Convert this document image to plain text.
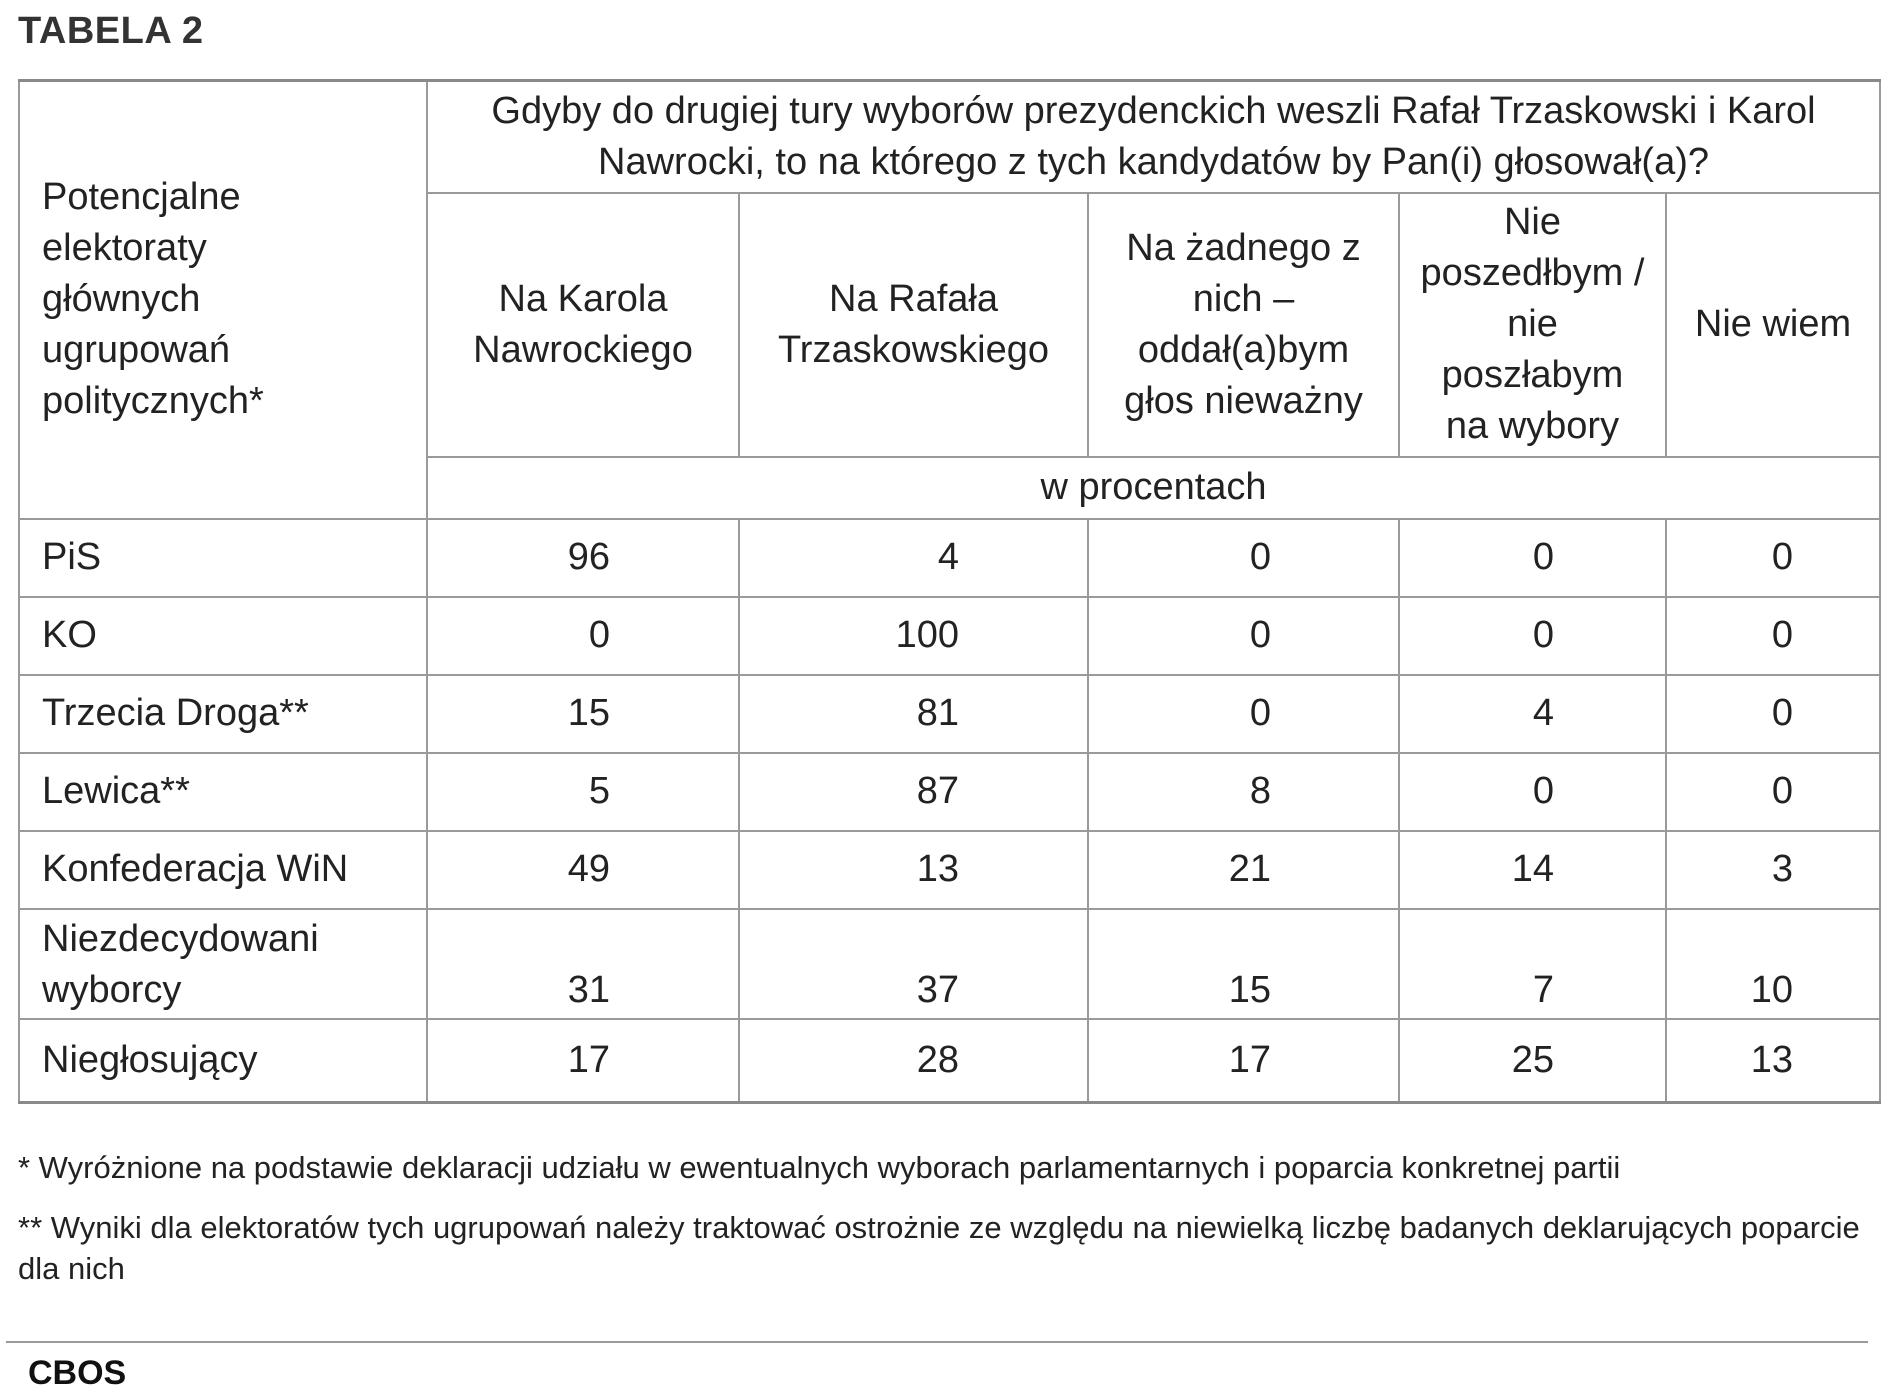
TABELA 2
Potencjalne elektoraty głównych ugrupowań politycznych*	Gdyby do drugiej tury wyborów prezydenckich weszli Rafał Trzaskowski i Karol Nawrocki, to na którego z tych kandydatów by Pan(i) głosował(a)?				

	Na Karola Nawrockiego	Na Rafała Trzaskowskiego	Na żadnego z nich – oddał(a)bym głos nieważny	Nie poszedłbym / nie poszłabym na wybory	Nie wiem

	w procentach				
PiS	96	4	0	0	0
KO	0	100	0	0	0
Trzecia Droga**	15	81	0	4	0
Lewica**	5	87	8	0	0
Konfederacja WiN	49	13	21	14	3

Niezdecydowani wyborcy	31	37	15	7	10
Niegłosujący	17	28	17	25	13
* Wyróżnione na podstawie deklaracji udziału w ewentualnych wyborach parlamentarnych i poparcia konkretnej partii
** Wyniki dla elektoratów tych ugrupowań należy traktować ostrożnie ze względu na niewielką liczbę badanych deklarujących poparcie dla nich
CBOS
